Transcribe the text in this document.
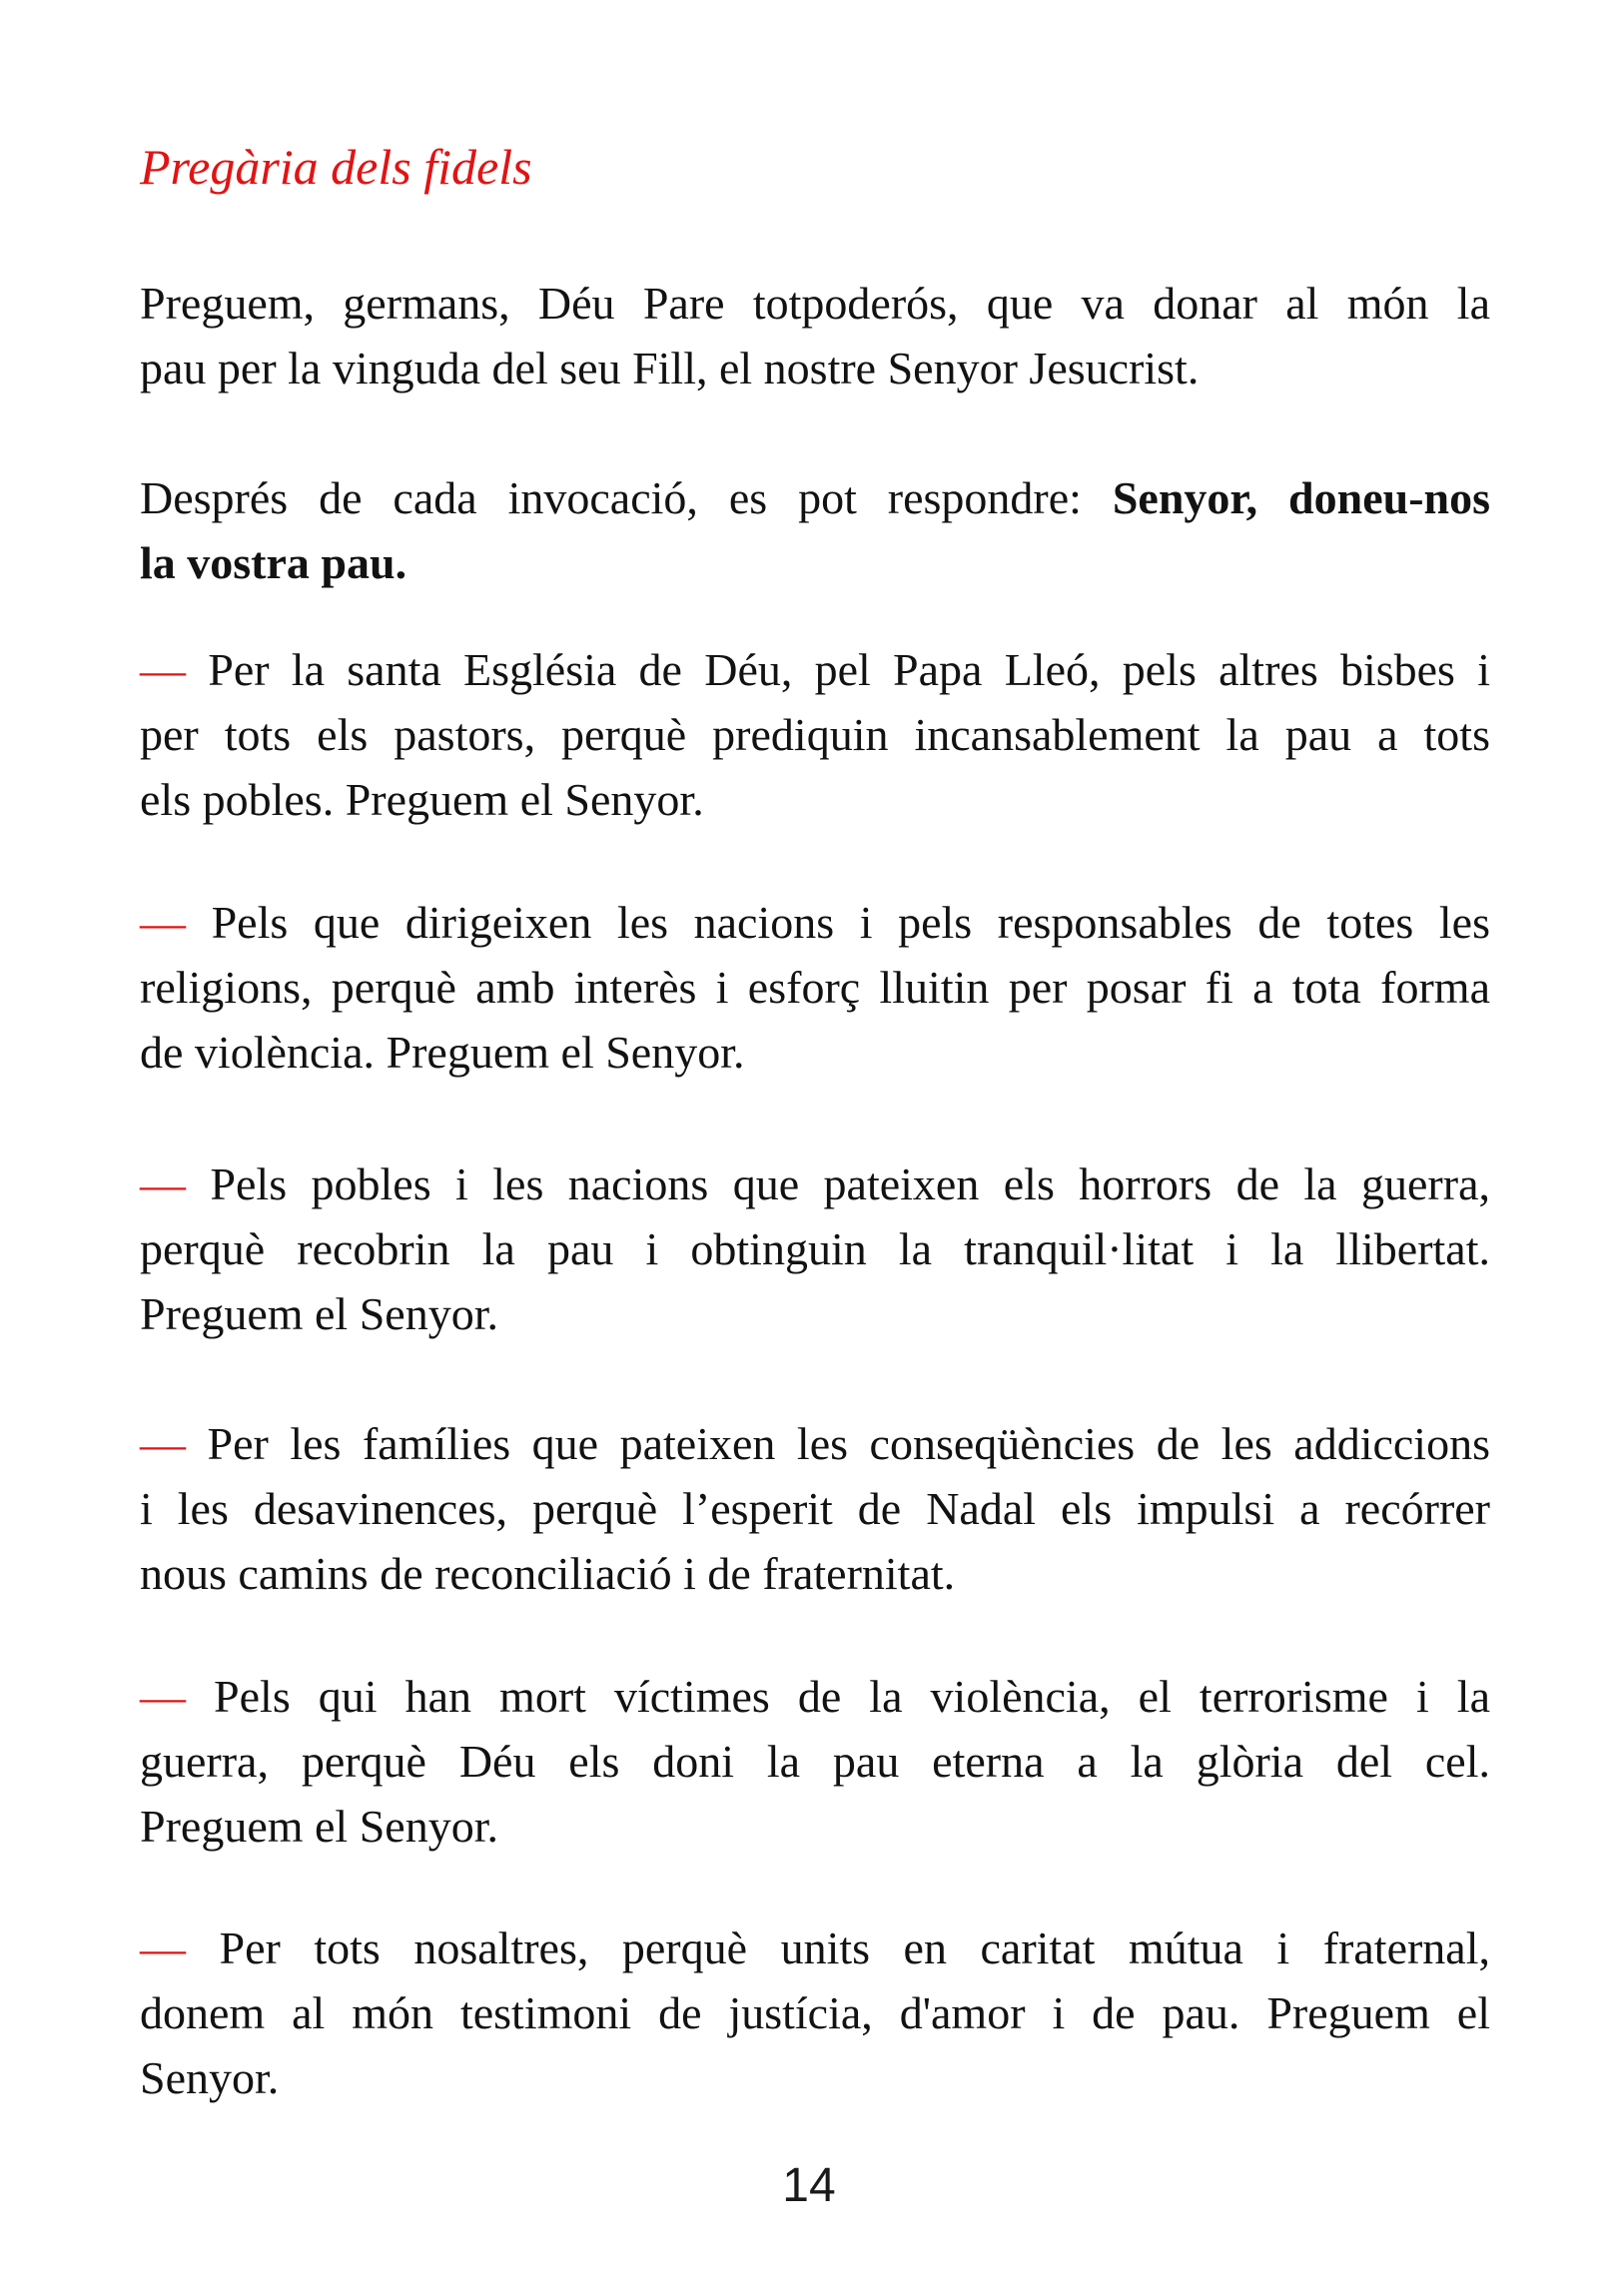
Pregària dels fidels
Preguem, germans, Déu Pare totpoderós, que va donar al món la
pau per la vinguda del seu Fill, el nostre Senyor Jesucrist.
Després de cada invocació, es pot respondre: Senyor, doneu-nos
la vostra pau.
— Per la santa Església de Déu, pel Papa Lleó, pels altres bisbes i
per tots els pastors, perquè prediquin incansablement la pau a tots
els pobles. Preguem el Senyor.
— Pels que dirigeixen les nacions i pels responsables de totes les
religions, perquè amb interès i esforç lluitin per posar fi a tota forma
de violència. Preguem el Senyor.
— Pels pobles i les nacions que pateixen els horrors de la guerra,
perquè recobrin la pau i obtinguin la tranquil·litat i la llibertat.
Preguem el Senyor.
— Per les famílies que pateixen les conseqüències de les addiccions
i les desavinences, perquè l’esperit de Nadal els impulsi a recórrer
nous camins de reconciliació i de fraternitat.
— Pels qui han mort víctimes de la violència, el terrorisme i la
guerra, perquè Déu els doni la pau eterna a la glòria del cel.
Preguem el Senyor.
— Per tots nosaltres, perquè units en caritat mútua i fraternal,
donem al món testimoni de justícia, d'amor i de pau. Preguem el
Senyor.
14
